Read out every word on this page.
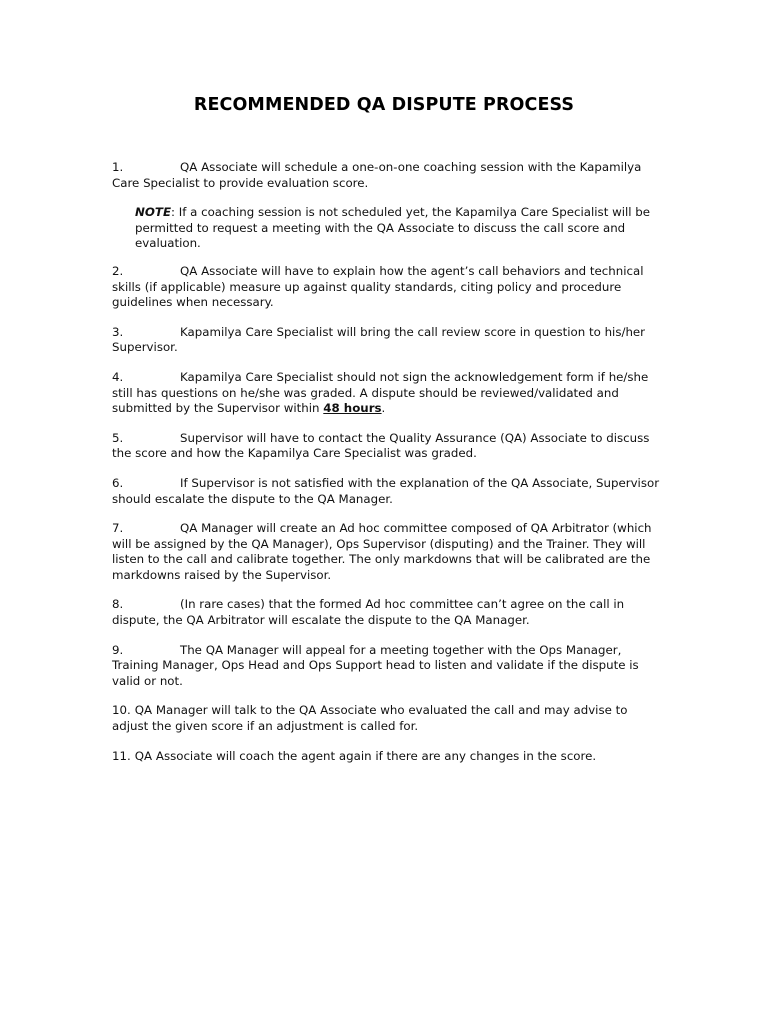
RECOMMENDED QA DISPUTE PROCESS

1.	QA Associate will schedule a one-on-one coaching session with the Kapamilya Care Specialist to provide evaluation score.

NOTE: If a coaching session is not scheduled yet, the Kapamilya Care Specialist will be permitted to request a meeting with the QA Associate to discuss the call score and evaluation.

2.	QA Associate will have to explain how the agent’s call behaviors and technical skills (if applicable) measure up against quality standards, citing policy and procedure guidelines when necessary.

3.	Kapamilya Care Specialist will bring the call review score in question to his/her Supervisor.

4.	Kapamilya Care Specialist should not sign the acknowledgement form if he/she still has questions on he/she was graded. A dispute should be reviewed/validated and submitted by the Supervisor within 48 hours.

5.	Supervisor will have to contact the Quality Assurance (QA) Associate to discuss the score and how the Kapamilya Care Specialist was graded.

6.	If Supervisor is not satisfied with the explanation of the QA Associate, Supervisor should escalate the dispute to the QA Manager.

7.	QA Manager will create an Ad hoc committee composed of QA Arbitrator (which will be assigned by the QA Manager), Ops Supervisor (disputing) and the Trainer. They will listen to the call and calibrate together. The only markdowns that will be calibrated are the markdowns raised by the Supervisor.

8.	(In rare cases) that the formed Ad hoc committee can’t agree on the call in dispute, the QA Arbitrator will escalate the dispute to the QA Manager.

9.	The QA Manager will appeal for a meeting together with the Ops Manager, Training Manager, Ops Head and Ops Support head to listen and validate if the dispute is valid or not.

10. QA Manager will talk to the QA Associate who evaluated the call and may advise to adjust the given score if an adjustment is called for.

11. QA Associate will coach the agent again if there are any changes in the score.
